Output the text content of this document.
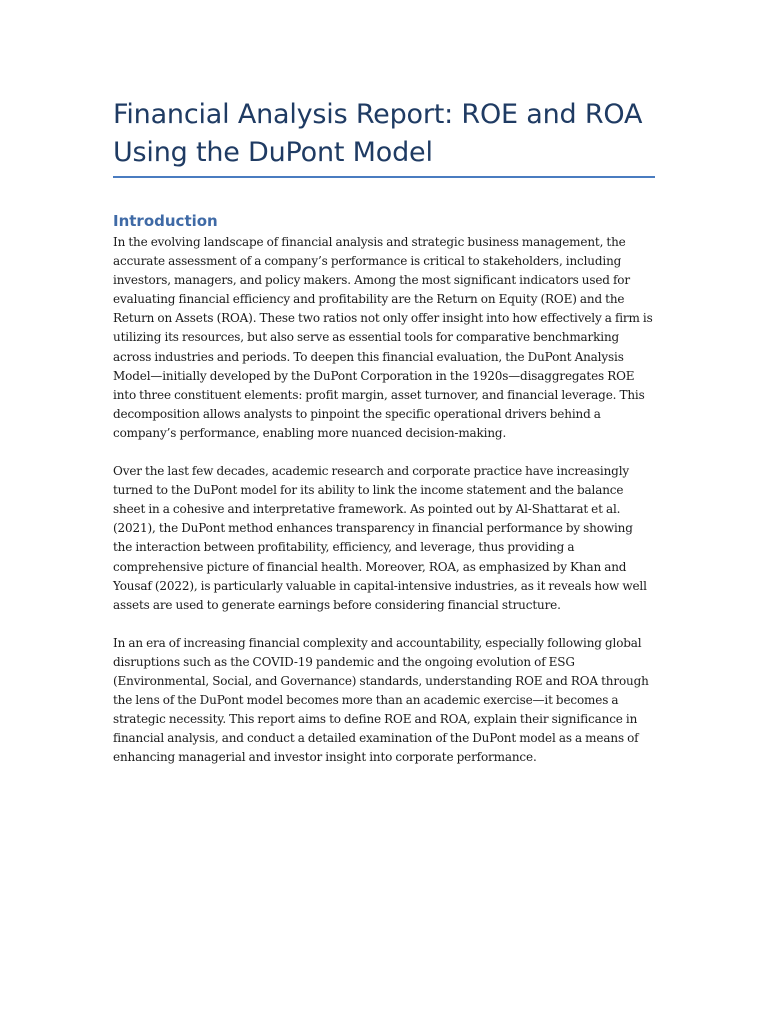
Financial Analysis Report: ROE and ROA Using the DuPont Model
Introduction

In the evolving landscape of financial analysis and strategic business management, the accurate assessment of a company’s performance is critical to stakeholders, including investors, managers, and policy makers. Among the most significant indicators used for evaluating financial efficiency and profitability are the Return on Equity (ROE) and the Return on Assets (ROA). These two ratios not only offer insight into how effectively a firm is utilizing its resources, but also serve as essential tools for comparative benchmarking across industries and periods. To deepen this financial evaluation, the DuPont Analysis Model—initially developed by the DuPont Corporation in the 1920s—disaggregates ROE into three constituent elements: profit margin, asset turnover, and financial leverage. This decomposition allows analysts to pinpoint the specific operational drivers behind a company’s performance, enabling more nuanced decision-making.

Over the last few decades, academic research and corporate practice have increasingly turned to the DuPont model for its ability to link the income statement and the balance sheet in a cohesive and interpretative framework. As pointed out by Al-Shattarat et al. (2021), the DuPont method enhances transparency in financial performance by showing the interaction between profitability, efficiency, and leverage, thus providing a comprehensive picture of financial health. Moreover, ROA, as emphasized by Khan and Yousaf (2022), is particularly valuable in capital-intensive industries, as it reveals how well assets are used to generate earnings before considering financial structure.

In an era of increasing financial complexity and accountability, especially following global disruptions such as the COVID-19 pandemic and the ongoing evolution of ESG (Environmental, Social, and Governance) standards, understanding ROE and ROA through the lens of the DuPont model becomes more than an academic exercise—it becomes a strategic necessity. This report aims to define ROE and ROA, explain their significance in financial analysis, and conduct a detailed examination of the DuPont model as a means of enhancing managerial and investor insight into corporate performance.
